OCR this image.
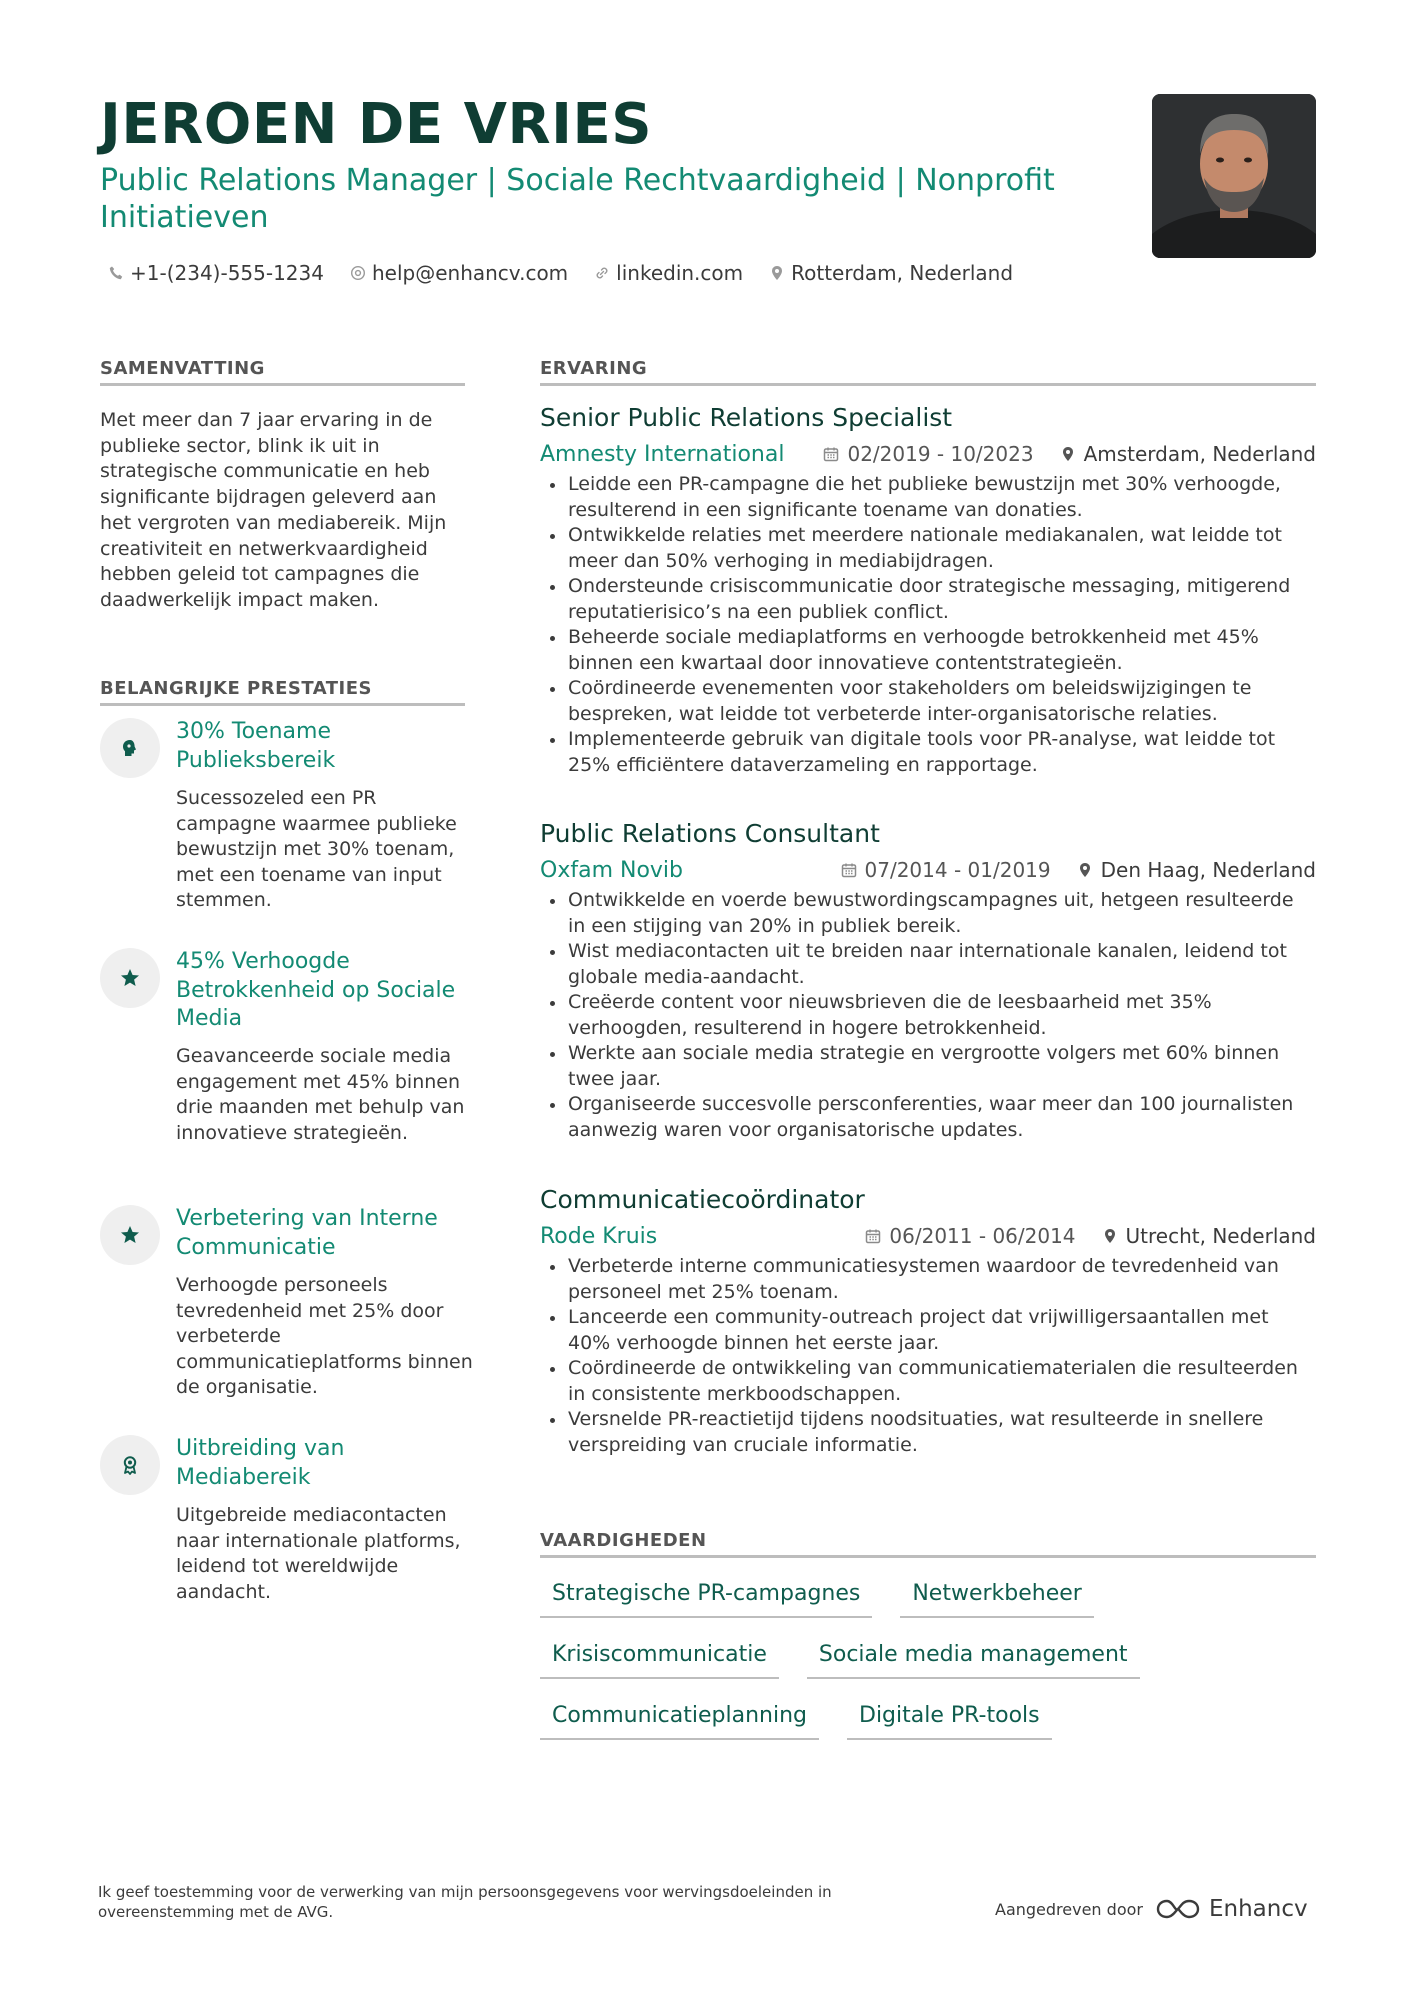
JEROEN DE VRIES

Public Relations Manager | Sociale Rechtvaardigheid | Nonprofit Initiatieven

+1-(234)-555-1234 help@enhancv.com linkedin.com Rotterdam, Nederland
SAMENVATTING

Met meer dan 7 jaar ervaring in de publieke sector, blink ik uit in strategische communicatie en heb significante bijdragen geleverd aan het vergroten van mediabereik. Mijn creativiteit en netwerkvaardigheid hebben geleid tot campagnes die daadwerkelijk impact maken.

BELANGRIJKE PRESTATIES

30% Toename Publieksbereik

Sucessozeled een PR campagne waarmee publieke bewustzijn met 30% toenam, met een toename van input stemmen.

45% Verhoogde Betrokkenheid op Sociale Media

Geavanceerde sociale media engagement met 45% binnen drie maanden met behulp van innovatieve strategieën.

Verbetering van Interne Communicatie

Verhoogde personeels tevredenheid met 25% door verbeterde communicatieplatforms binnen de organisatie.

Uitbreiding van Mediabereik

Uitgebreide mediacontacten naar internationale platforms, leidend tot wereldwijde aandacht.

ERVARING

Senior Public Relations Specialist

Amnesty International	02/2019 - 10/2023	Amsterdam, Nederland
Leidde een PR-campagne die het publieke bewustzijn met 30% verhoogde, resulterend in een significante toename van donaties.
Ontwikkelde relaties met meerdere nationale mediakanalen, wat leidde tot meer dan 50% verhoging in mediabijdragen.
Ondersteunde crisiscommunicatie door strategische messaging, mitigerend reputatierisico’s na een publiek conflict.
Beheerde sociale mediaplatforms en verhoogde betrokkenheid met 45% binnen een kwartaal door innovatieve contentstrategieën.
Coördineerde evenementen voor stakeholders om beleidswijzigingen te bespreken, wat leidde tot verbeterde inter-organisatorische relaties.
Implementeerde gebruik van digitale tools voor PR-analyse, wat leidde tot 25% efficiëntere dataverzameling en rapportage.

Public Relations Consultant

Oxfam Novib	07/2014 - 01/2019	Den Haag, Nederland
Ontwikkelde en voerde bewustwordingscampagnes uit, hetgeen resulteerde in een stijging van 20% in publiek bereik.
Wist mediacontacten uit te breiden naar internationale kanalen, leidend tot globale media-aandacht.
Creëerde content voor nieuwsbrieven die de leesbaarheid met 35% verhoogden, resulterend in hogere betrokkenheid.
Werkte aan sociale media strategie en vergrootte volgers met 60% binnen twee jaar.
Organiseerde succesvolle persconferenties, waar meer dan 100 journalisten aanwezig waren voor organisatorische updates.

Communicatiecoördinator

Rode Kruis	06/2011 - 06/2014	Utrecht, Nederland
Verbeterde interne communicatiesystemen waardoor de tevredenheid van personeel met 25% toenam.
Lanceerde een community-outreach project dat vrijwilligersaantallen met 40% verhoogde binnen het eerste jaar.
Coördineerde de ontwikkeling van communicatiematerialen die resulteerden in consistente merkboodschappen.
Versnelde PR-reactietijd tijdens noodsituaties, wat resulteerde in snellere verspreiding van cruciale informatie.
VAARDIGHEDEN
Strategische PR-campagnes	Netwerkbeheer
Krisiscommunicatie	Sociale media management
Communicatieplanning	Digitale PR-tools

Ik geef toestemming voor de verwerking van mijn persoonsgegevens voor wervingsdoeleinden in overeenstemming met de AVG.	Aangedreven door	Enhancv
